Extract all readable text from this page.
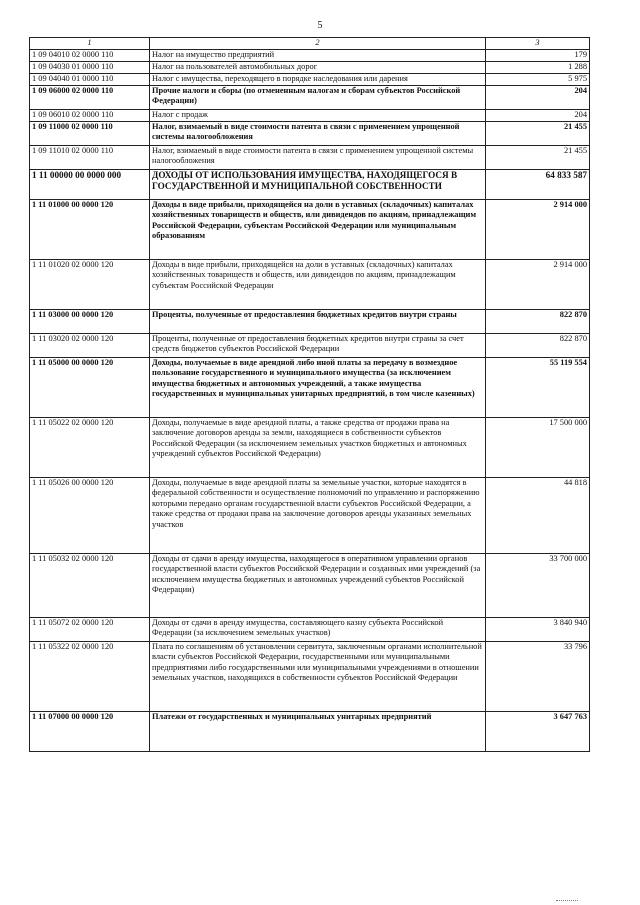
5
1	2	3
1 09 04010 02 0000 110	Налог на имущество предприятий	179
1 09 04030 01 0000 110	Налог на пользователей автомобильных дорог	1 288
1 09 04040 01 0000 110	Налог с имущества, переходящего в порядке наследования или дарения	5 975
1 09 06000 02 0000 110	Прочие налоги и сборы (по отмененным налогам и сборам субъектов Российской Федерации)	204
1 09 06010 02 0000 110	Налог с продаж	204
1 09 11000 02 0000 110	Налог, взимаемый в виде стоимости патента в связи с применением упрощенной системы налогообложения	21 455
1 09 11010 02 0000 110	Налог, взимаемый в виде стоимости патента в связи с применением упрощенной системы налогообложения	21 455
1 11 00000 00 0000 000	ДОХОДЫ ОТ ИСПОЛЬЗОВАНИЯ ИМУЩЕСТВА, НАХОДЯЩЕГОСЯ В ГОСУДАРСТВЕННОЙ И МУНИЦИПАЛЬНОЙ СОБСТВЕННОСТИ	64 833 587
1 11 01000 00 0000 120	Доходы в виде прибыли, приходящейся на доли в уставных (складочных) капиталах хозяйственных товариществ и обществ, или дивидендов по акциям, принадлежащим Российской Федерации, субъектам Российской Федерации или муниципальным образованиям	2 914 000
1 11 01020 02 0000 120	Доходы в виде прибыли, приходящейся на доли в уставных (складочных) капиталах хозяйственных товариществ и обществ, или дивидендов по акциям, принадлежащим субъектам Российской Федерации	2 914 000
1 11 03000 00 0000 120	Проценты, полученные от предоставления бюджетных кредитов внутри страны	822 870
1 11 03020 02 0000 120	Проценты, полученные от предоставления бюджетных кредитов внутри страны за счет средств бюджетов субъектов Российской Федерации	822 870
1 11 05000 00 0000 120	Доходы, получаемые в виде арендной либо иной платы за передачу в возмездное пользование государственного и муниципального имущества (за исключением имущества бюджетных и автономных учреждений, а также имущества государственных и муниципальных унитарных предприятий, в том числе казенных)	55 119 554
1 11 05022 02 0000 120	Доходы, получаемые в виде арендной платы, а также средства от продажи права на заключение договоров аренды за земли, находящиеся в собственности субъектов Российской Федерации (за исключением земельных участков бюджетных и автономных учреждений субъектов Российской Федерации)	17 500 000
1 11 05026 00 0000 120	Доходы, получаемые в виде арендной платы за земельные участки, которые находятся в федеральной собственности и осуществление полномочий по управлению и распоряжению которыми передано органам государственной власти субъектов Российской Федерации, а также средства от продажи права на заключение договоров аренды указанных земельных участков	44 818
1 11 05032 02 0000 120	Доходы от сдачи в аренду имущества, находящегося в оперативном управлении органов государственной власти субъектов Российской Федерации и созданных ими учреждений (за исключением имущества бюджетных и автономных учреждений субъектов Российской Федерации)	33 700 000
1 11 05072 02 0000 120	Доходы от сдачи в аренду имущества, составляющего казну субъекта Российской Федерации (за исключением земельных участков)	3 840 940
1 11 05322 02 0000 120	Плата по соглашениям об установлении сервитута, заключенным органами исполнительной власти субъектов Российской Федерации, государственными или муниципальными предприятиями либо государственными или муниципальными учреждениями в отношении земельных участков, находящихся в собственности субъектов Российской Федерации	33 796
1 11 07000 00 0000 120	Платежи от государственных и муниципальных унитарных предприятий	3 647 763
